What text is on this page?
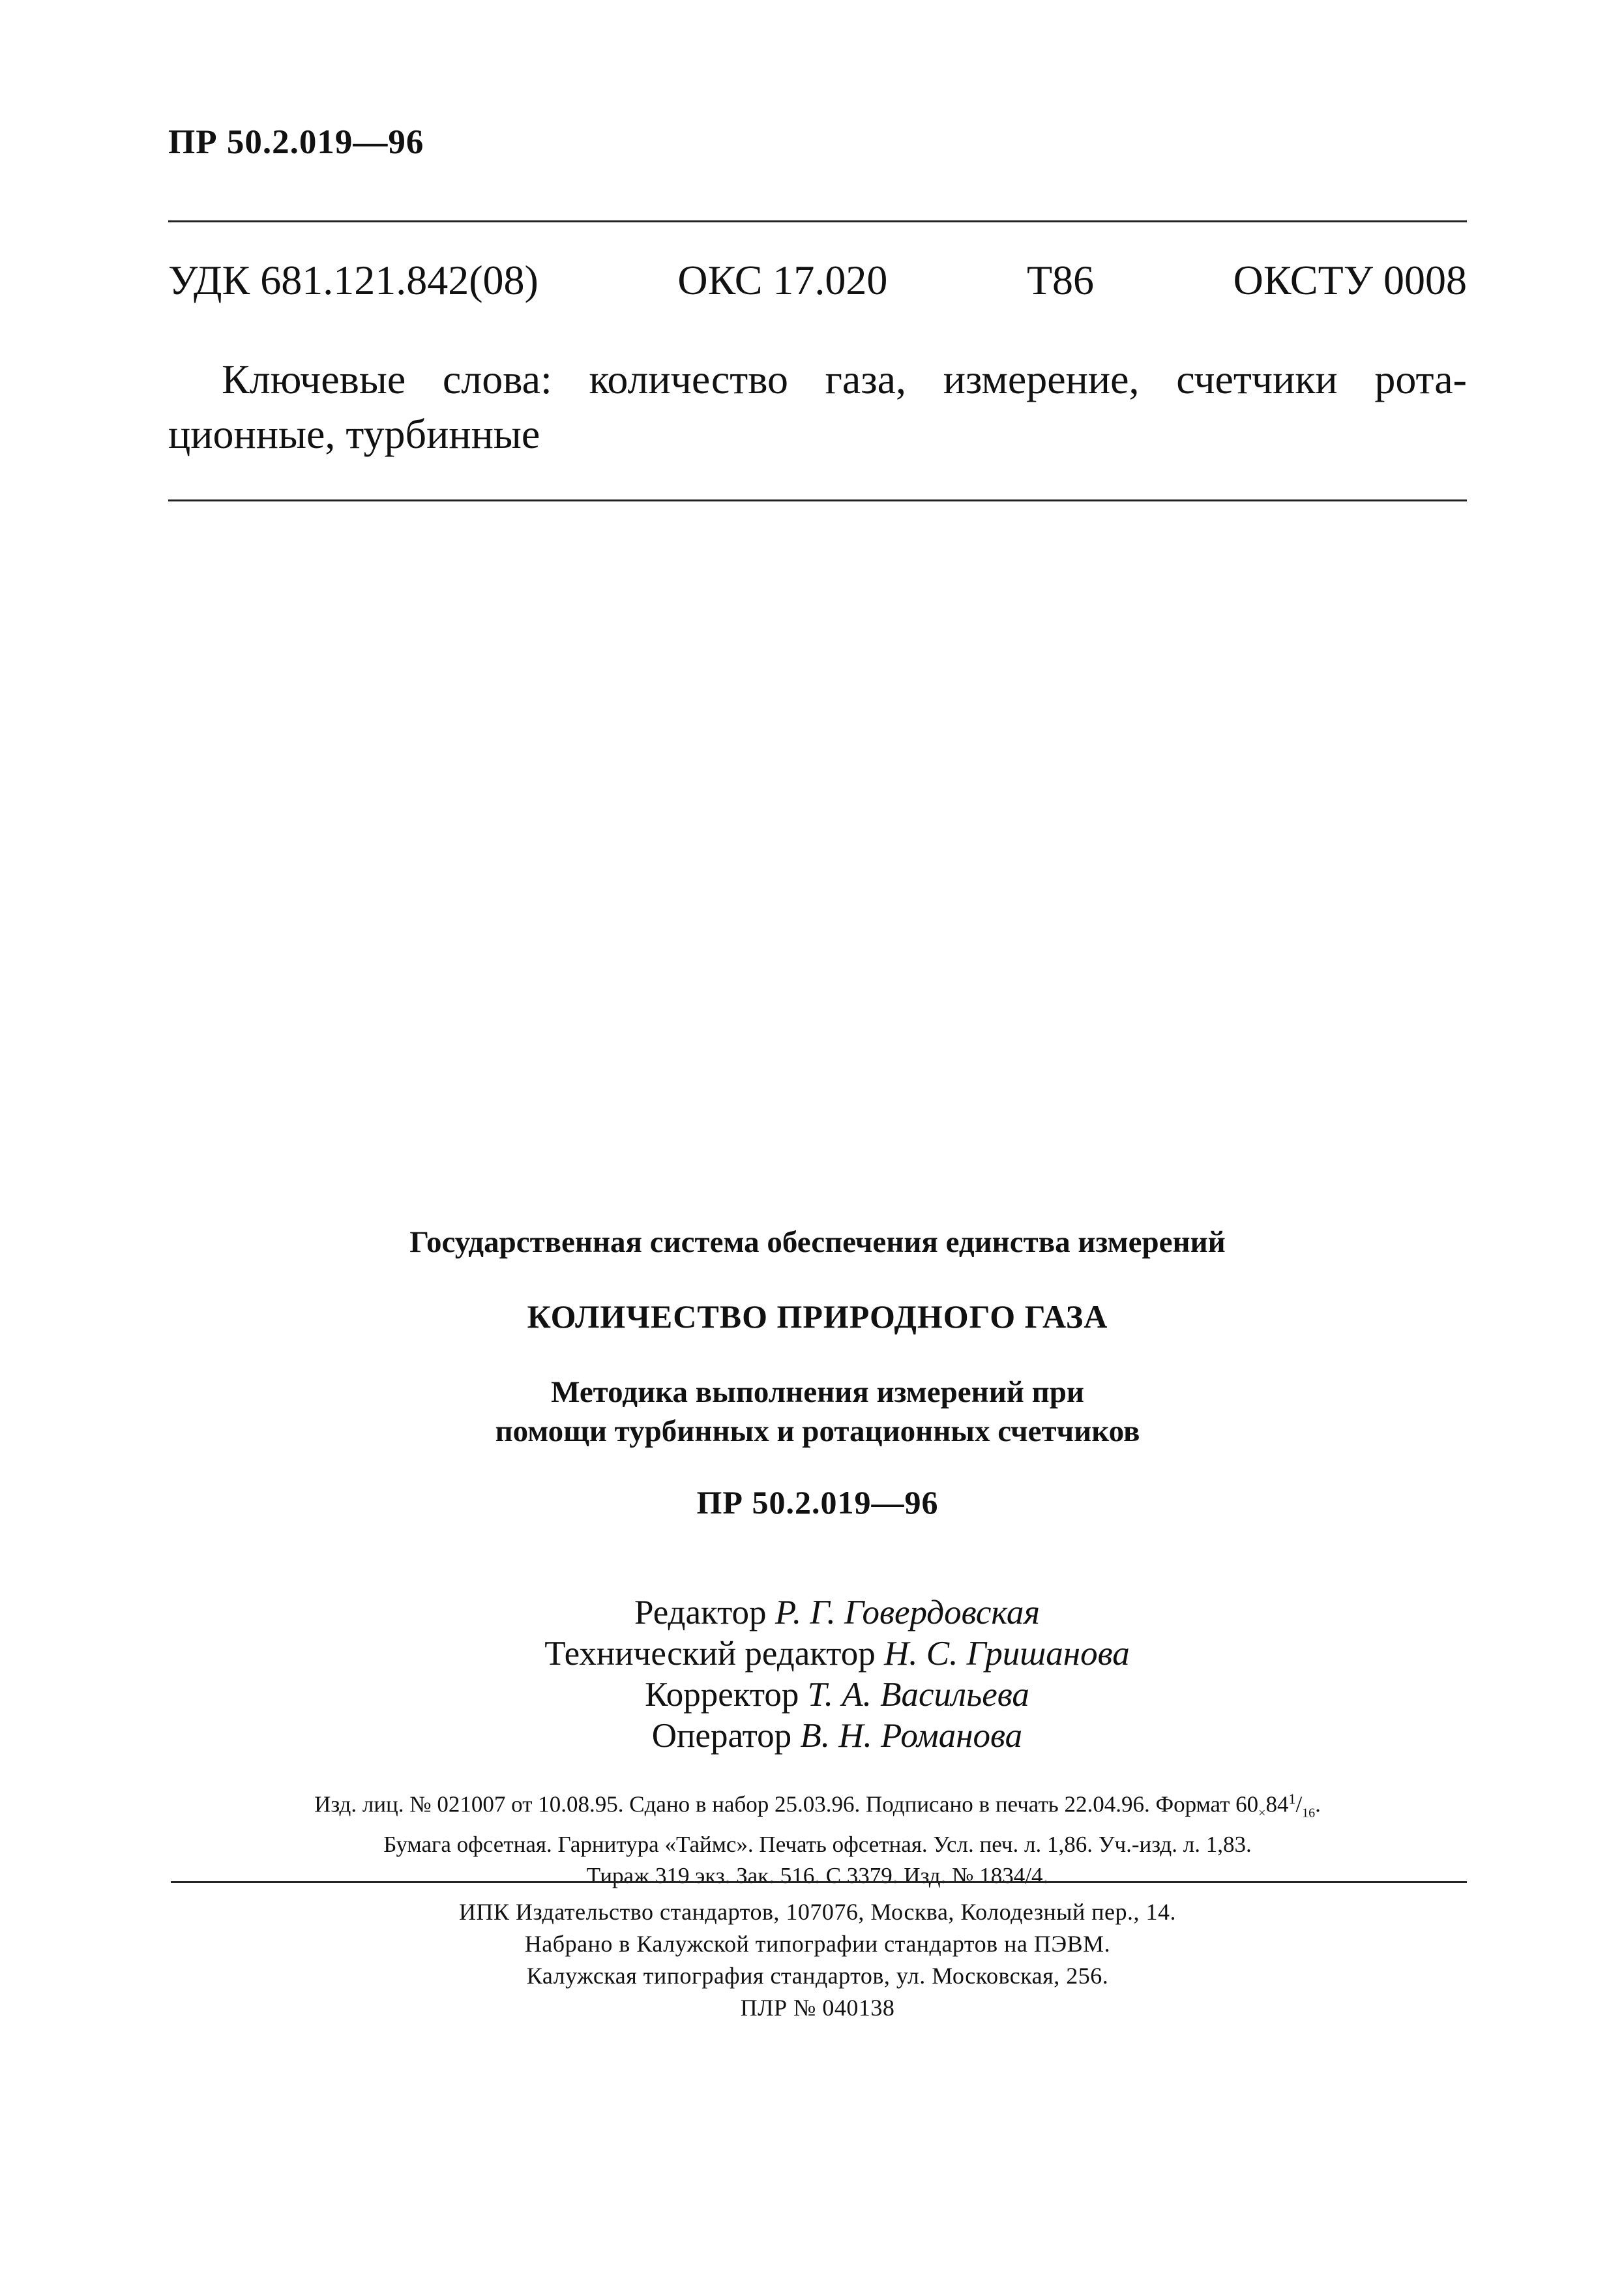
ПР 50.2.019—96
УДК 681.121.842(08)	ОКС 17.020	Т86	ОКСТУ 0008
Ключевые слова: количество газа, измерение, счетчики рота-
ционные, турбинные
Государственная система обеспечения единства измерений
КОЛИЧЕСТВО ПРИРОДНОГО ГАЗА
Методика выполнения измерений при
помощи турбинных и ротационных счетчиков
ПР 50.2.019—96
Редактор Р. Г. Говердовская
Технический редактор Н. С. Гришанова
Корректор Т. А. Васильева
Оператор В. Н. Романова
Изд. лиц. № 021007 от 10.08.95. Сдано в набор 25.03.96. Подписано в печать 22.04.96. Формат $60_\times 84^1/_{16}$.
Бумага офсетная. Гарнитура «Таймс». Печать офсетная. Усл. печ. л. 1,86. Уч.-изд. л. 1,83.
Тираж 319 экз. Зак. 516. С 3379. Изд. № 1834/4.
ИПК Издательство стандартов, 107076, Москва, Колодезный пер., 14.
Набрано в Калужской типографии стандартов на ПЭВМ.
Калужская типография стандартов, ул. Московская, 256.
ПЛР № 040138
